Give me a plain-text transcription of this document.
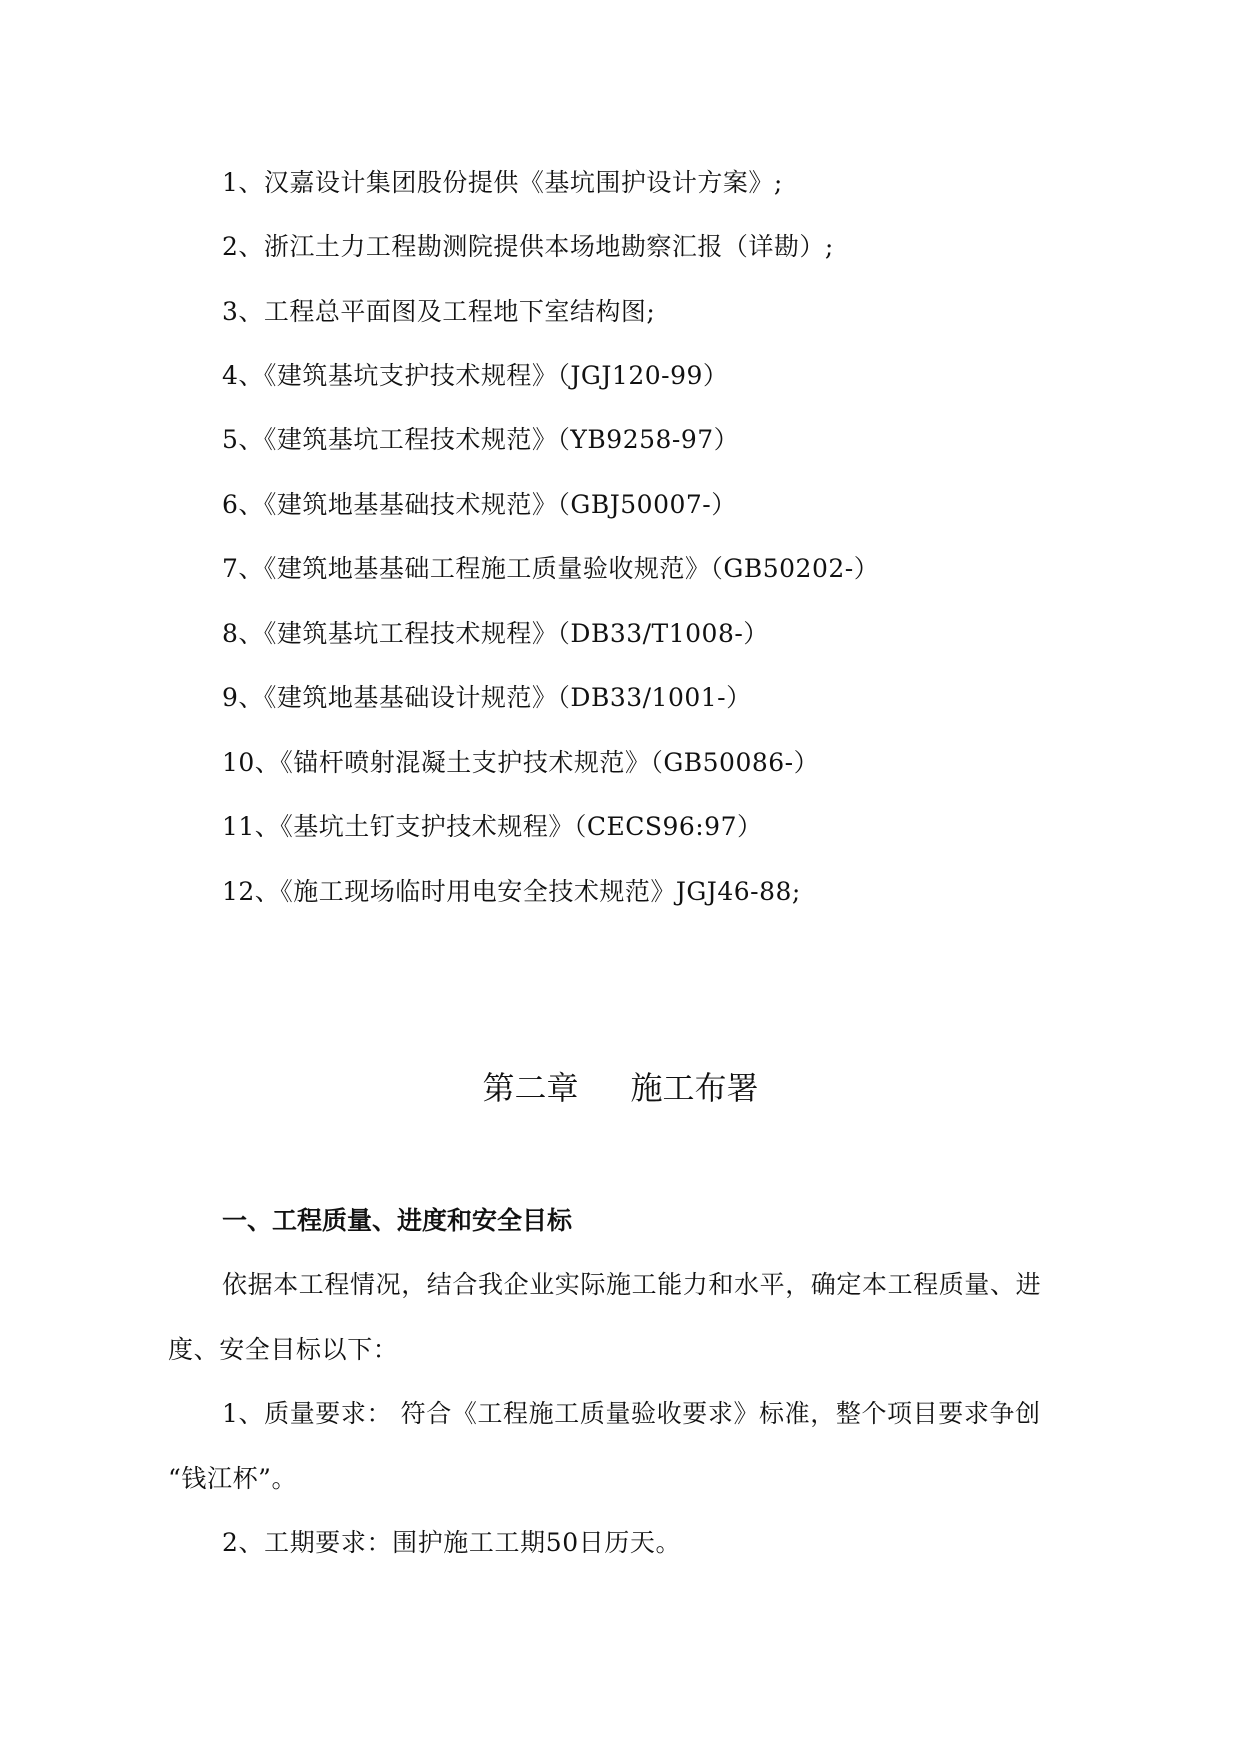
1、汉嘉设计集团股份提供《基坑围护设计方案》;
2、浙江土力工程勘测院提供本场地勘察汇报（详勘）;
3、工程总平面图及工程地下室结构图;
4、《建筑基坑支护技术规程》（JGJ120-99）
5、《建筑基坑工程技术规范》（YB9258-97）
6、《建筑地基基础技术规范》（GBJ50007-）
7、《建筑地基基础工程施工质量验收规范》（GB50202-）
8、《建筑基坑工程技术规程》（DB33/T1008-）
9、《建筑地基基础设计规范》（DB33/1001-）
10、《锚杆喷射混凝土支护技术规范》（GB50086-）
11、《基坑土钉支护技术规程》（CECS96:97）
12、《施工现场临时用电安全技术规范》JGJ46-88;
第二章 施工布署
一、工程质量、进度和安全目标
依据本工程情况，结合我企业实际施工能力和水平，确定本工程质量、进
度、安全目标以下：
1、质量要求： 符合《工程施工质量验收要求》标准，整个项目要求争创
“钱江杯”。
2、工期要求：围护施工工期50日历天。
